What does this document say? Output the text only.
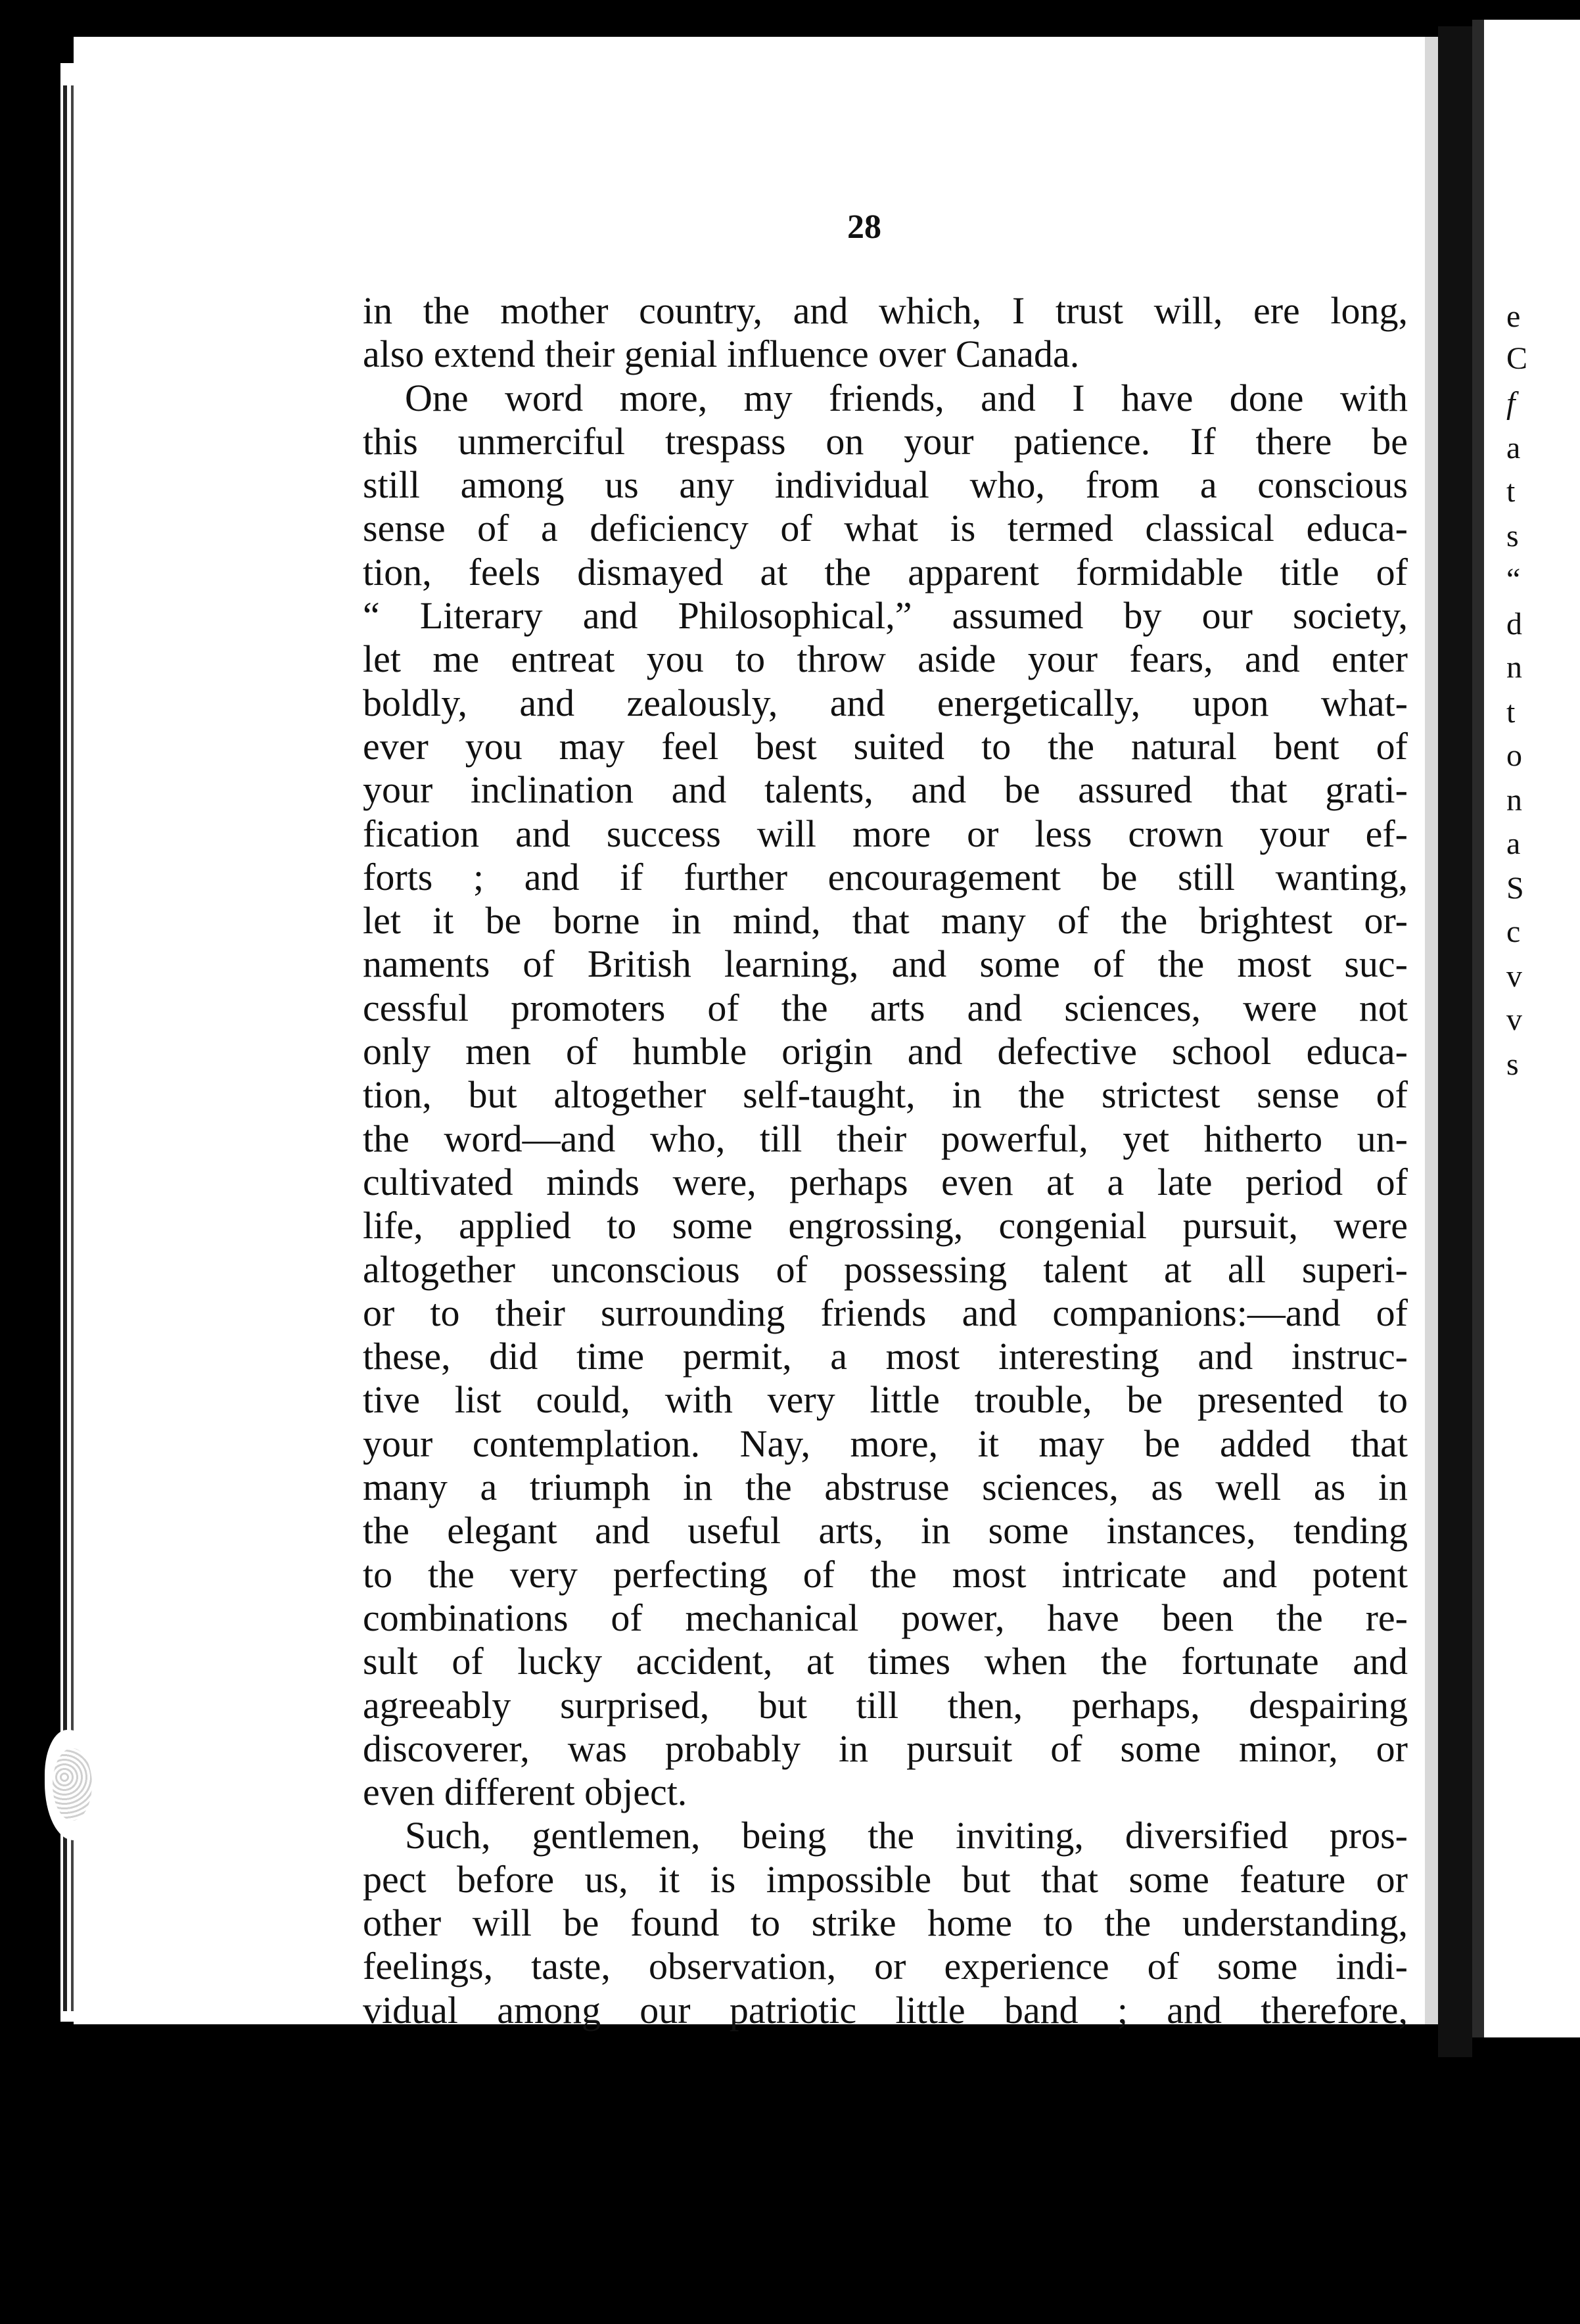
e
C
f
a
t
s
“
d
n
t
o
n
a
S
c
v
v
s
28
in the mother country, and which, I trust will, ere long,
also extend their genial influence over Canada.
One word more, my friends, and I have done with
this unmerciful trespass on your patience. If there be
still among us any individual who, from a conscious
sense of a deficiency of what is termed classical educa-
tion, feels dismayed at the apparent formidable title of
“ Literary and Philosophical,” assumed by our society,
let me entreat you to throw aside your fears, and enter
boldly, and zealously, and energetically, upon what-
ever you may feel best suited to the natural bent of
your inclination and talents, and be assured that grati-
fication and success will more or less crown your ef-
forts ; and if further encouragement be still wanting,
let it be borne in mind, that many of the brightest or-
naments of British learning, and some of the most suc-
cessful promoters of the arts and sciences, were not
only men of humble origin and defective school educa-
tion, but altogether self-taught, in the strictest sense of
the word—and who, till their powerful, yet hitherto un-
cultivated minds were, perhaps even at a late period of
life, applied to some engrossing, congenial pursuit, were
altogether unconscious of possessing talent at all superi-
or to their surrounding friends and companions:—and of
these, did time permit, a most interesting and instruc-
tive list could, with very little trouble, be presented to
your contemplation. Nay, more, it may be added that
many a triumph in the abstruse sciences, as well as in
the elegant and useful arts, in some instances, tending
to the very perfecting of the most intricate and potent
combinations of mechanical power, have been the re-
sult of lucky accident, at times when the fortunate and
agreeably surprised, but till then, perhaps, despairing
discoverer, was probably in pursuit of some minor, or
even different object.
Such, gentlemen, being the inviting, diversified pros-
pect before us, it is impossible but that some feature or
other will be found to strike home to the understanding,
feelings, taste, observation, or experience of some indi-
vidual among our patriotic little band ; and therefore,
